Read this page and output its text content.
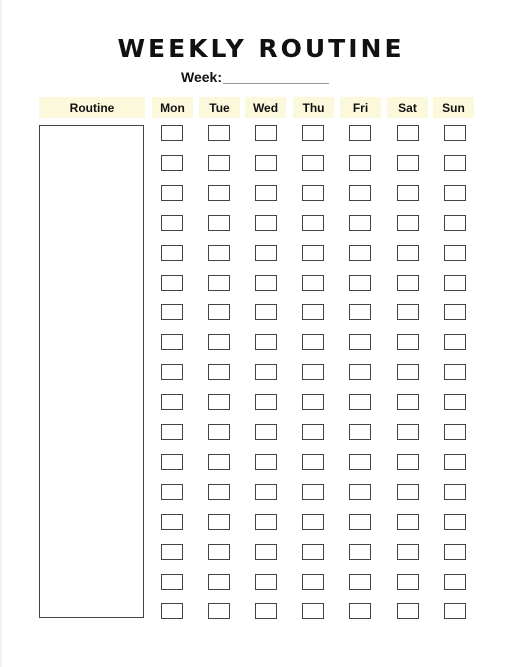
WEEKLY ROUTINE
Week:
Routine	Mon	Tue	Wed	Thu	Fri	Sat	Sun
